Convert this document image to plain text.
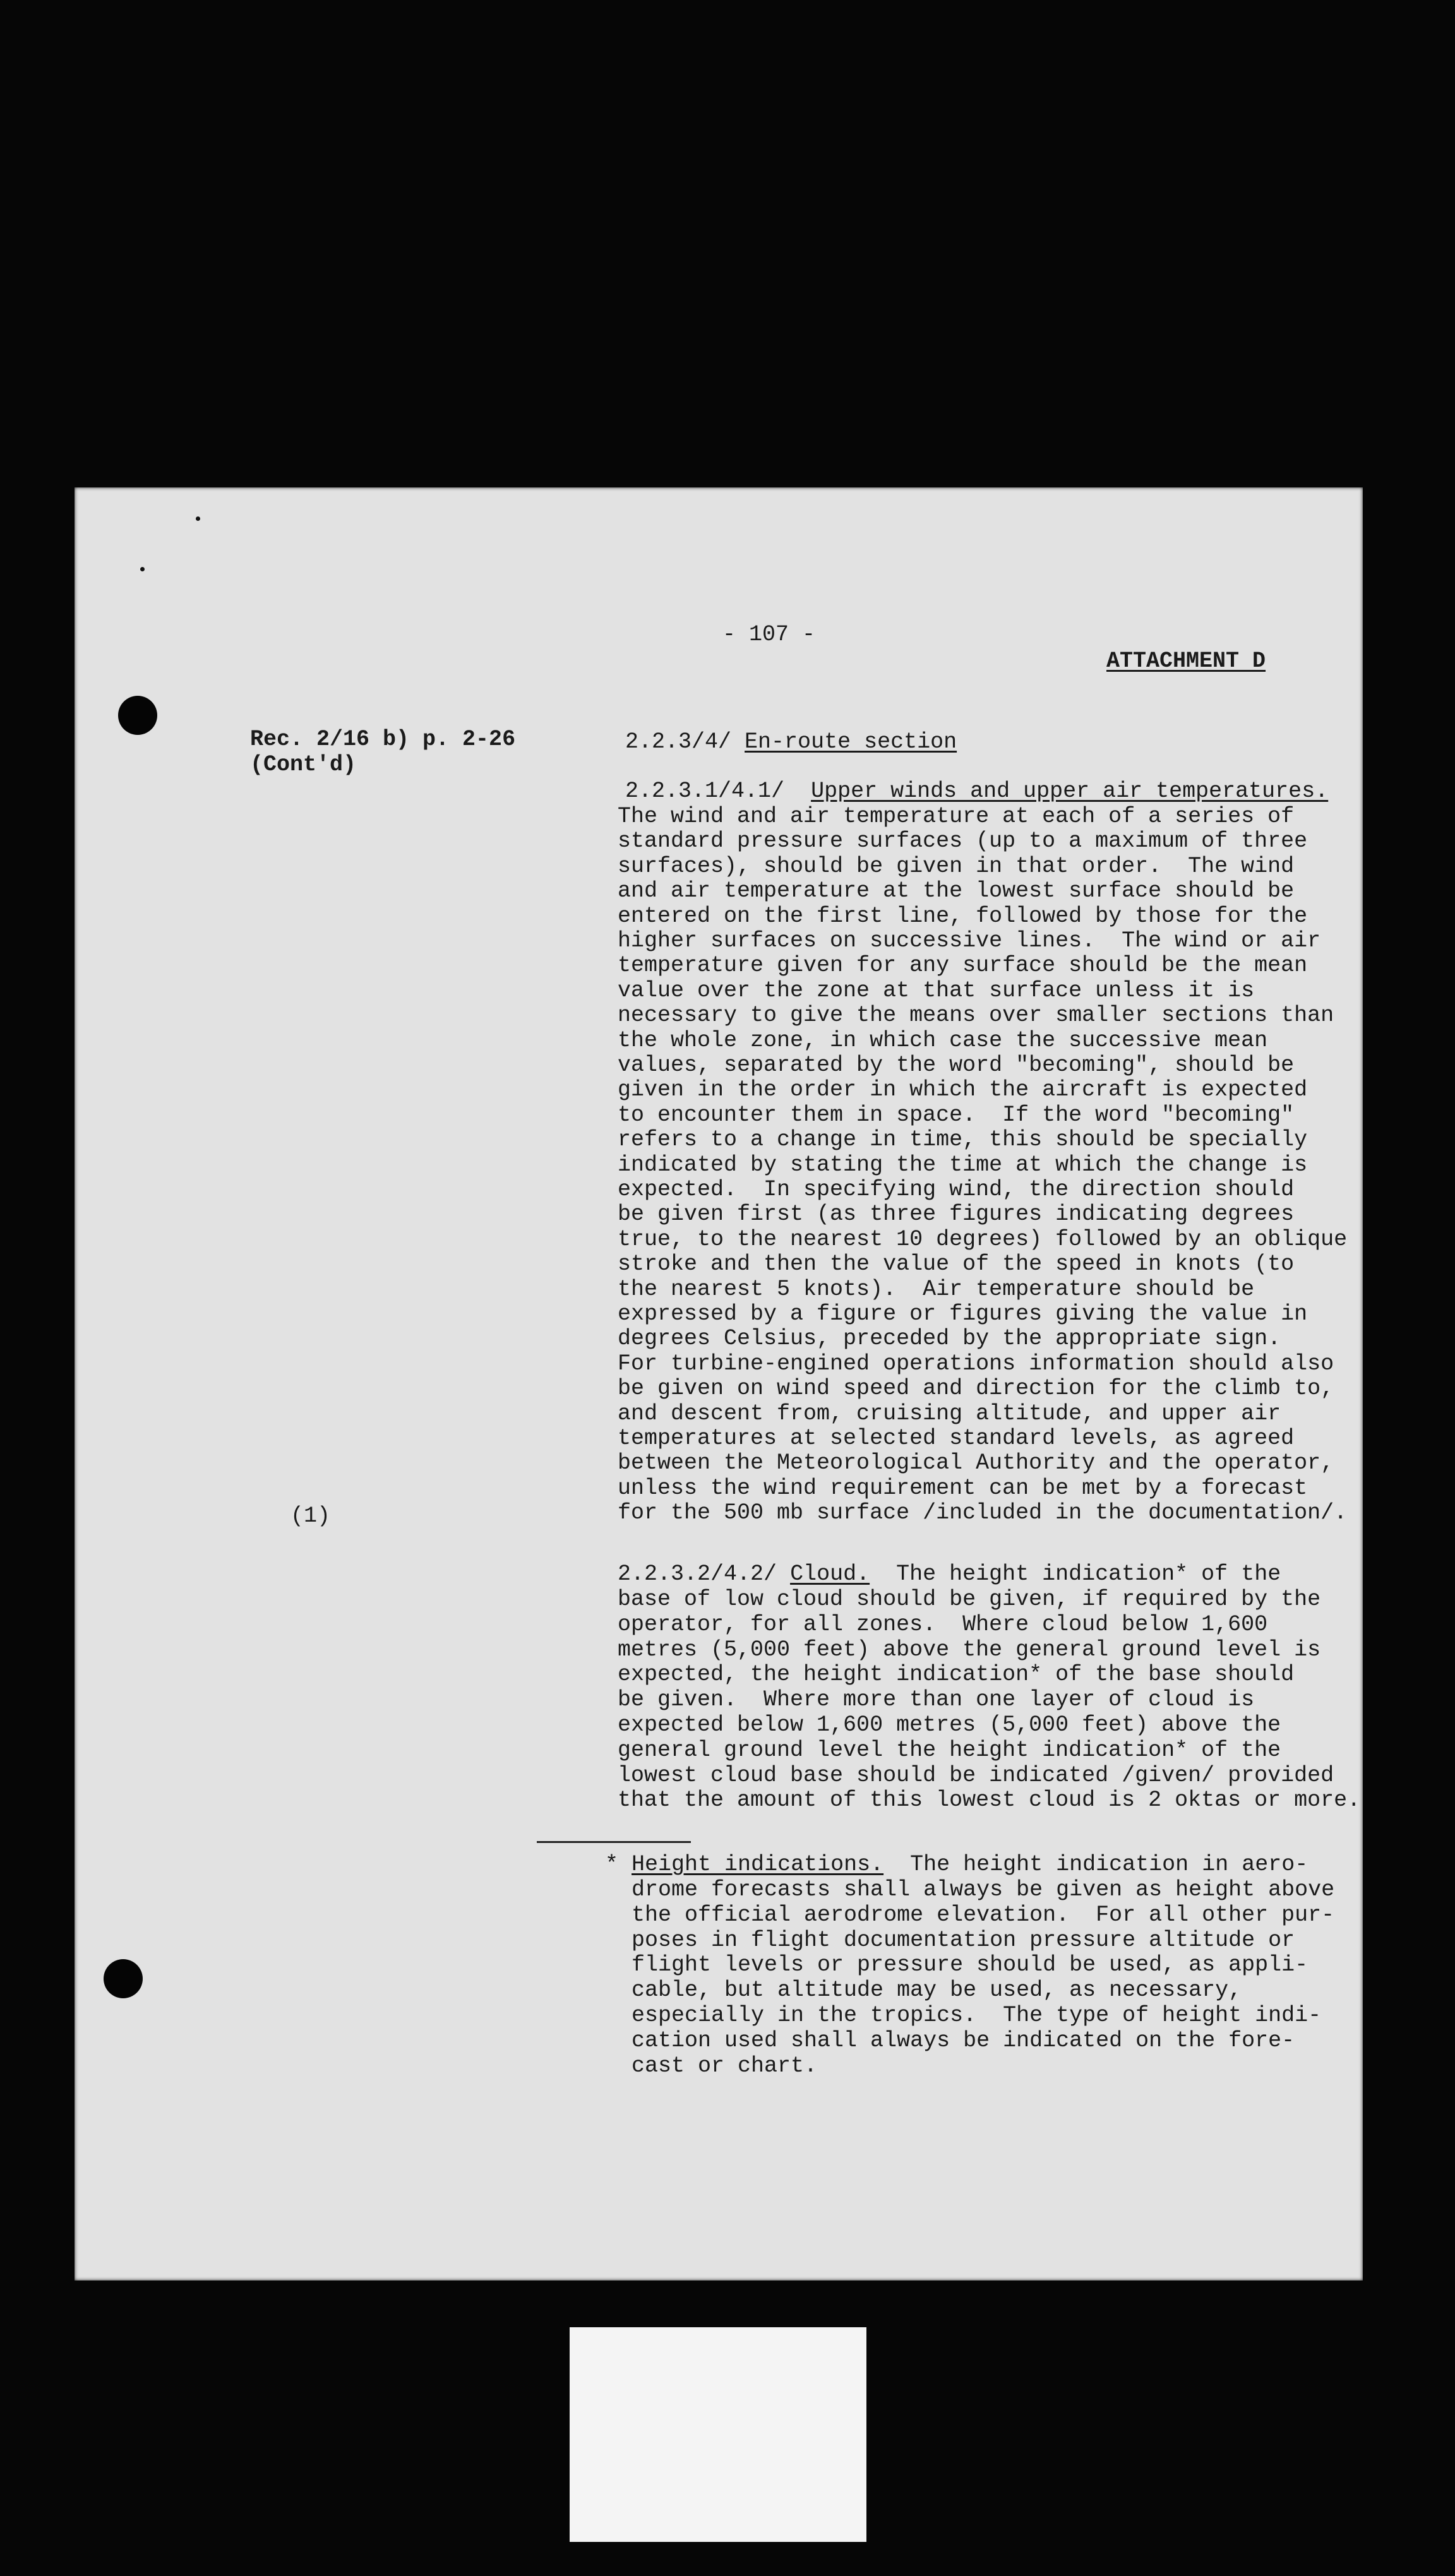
- 107 -

ATTACHMENT D

Rec. 2/16 b) p. 2-26

(Cont'd)

(1)

2.2.3/4/ En-route section

2.2.3.1/4.1/ Upper winds and upper air temperatures.

The wind and air temperature at each of a series of

standard pressure surfaces (up to a maximum of three

surfaces), should be given in that order.  The wind

and air temperature at the lowest surface should be

entered on the first line, followed by those for the

higher surfaces on successive lines.  The wind or air

temperature given for any surface should be the mean

value over the zone at that surface unless it is

necessary to give the means over smaller sections than

the whole zone, in which case the successive mean

values, separated by the word "becoming", should be

given in the order in which the aircraft is expected

to encounter them in space.  If the word "becoming"

refers to a change in time, this should be specially

indicated by stating the time at which the change is

expected.  In specifying wind, the direction should

be given first (as three figures indicating degrees

true, to the nearest 10 degrees) followed by an oblique

stroke and then the value of the speed in knots (to

the nearest 5 knots).  Air temperature should be

expressed by a figure or figures giving the value in

degrees Celsius, preceded by the appropriate sign.

For turbine-engined operations information should also

be given on wind speed and direction for the climb to,

and descent from, cruising altitude, and upper air

temperatures at selected standard levels, as agreed

between the Meteorological Authority and the operator,

unless the wind requirement can be met by a forecast

for the 500 mb surface /included in the documentation/.

2.2.3.2/4.2/ Cloud.  The height indication* of the

base of low cloud should be given, if required by the

operator, for all zones.  Where cloud below 1,600

metres (5,000 feet) above the general ground level is

expected, the height indication* of the base should

be given.  Where more than one layer of cloud is

expected below 1,600 metres (5,000 feet) above the

general ground level the height indication* of the

lowest cloud base should be indicated /given/ provided

that the amount of this lowest cloud is 2 oktas or more.

* Height indications.  The height indication in aero-

drome forecasts shall always be given as height above

the official aerodrome elevation.  For all other pur-

poses in flight documentation pressure altitude or

flight levels or pressure should be used, as appli-

cable, but altitude may be used, as necessary,

especially in the tropics.  The type of height indi-

cation used shall always be indicated on the fore-

cast or chart.
